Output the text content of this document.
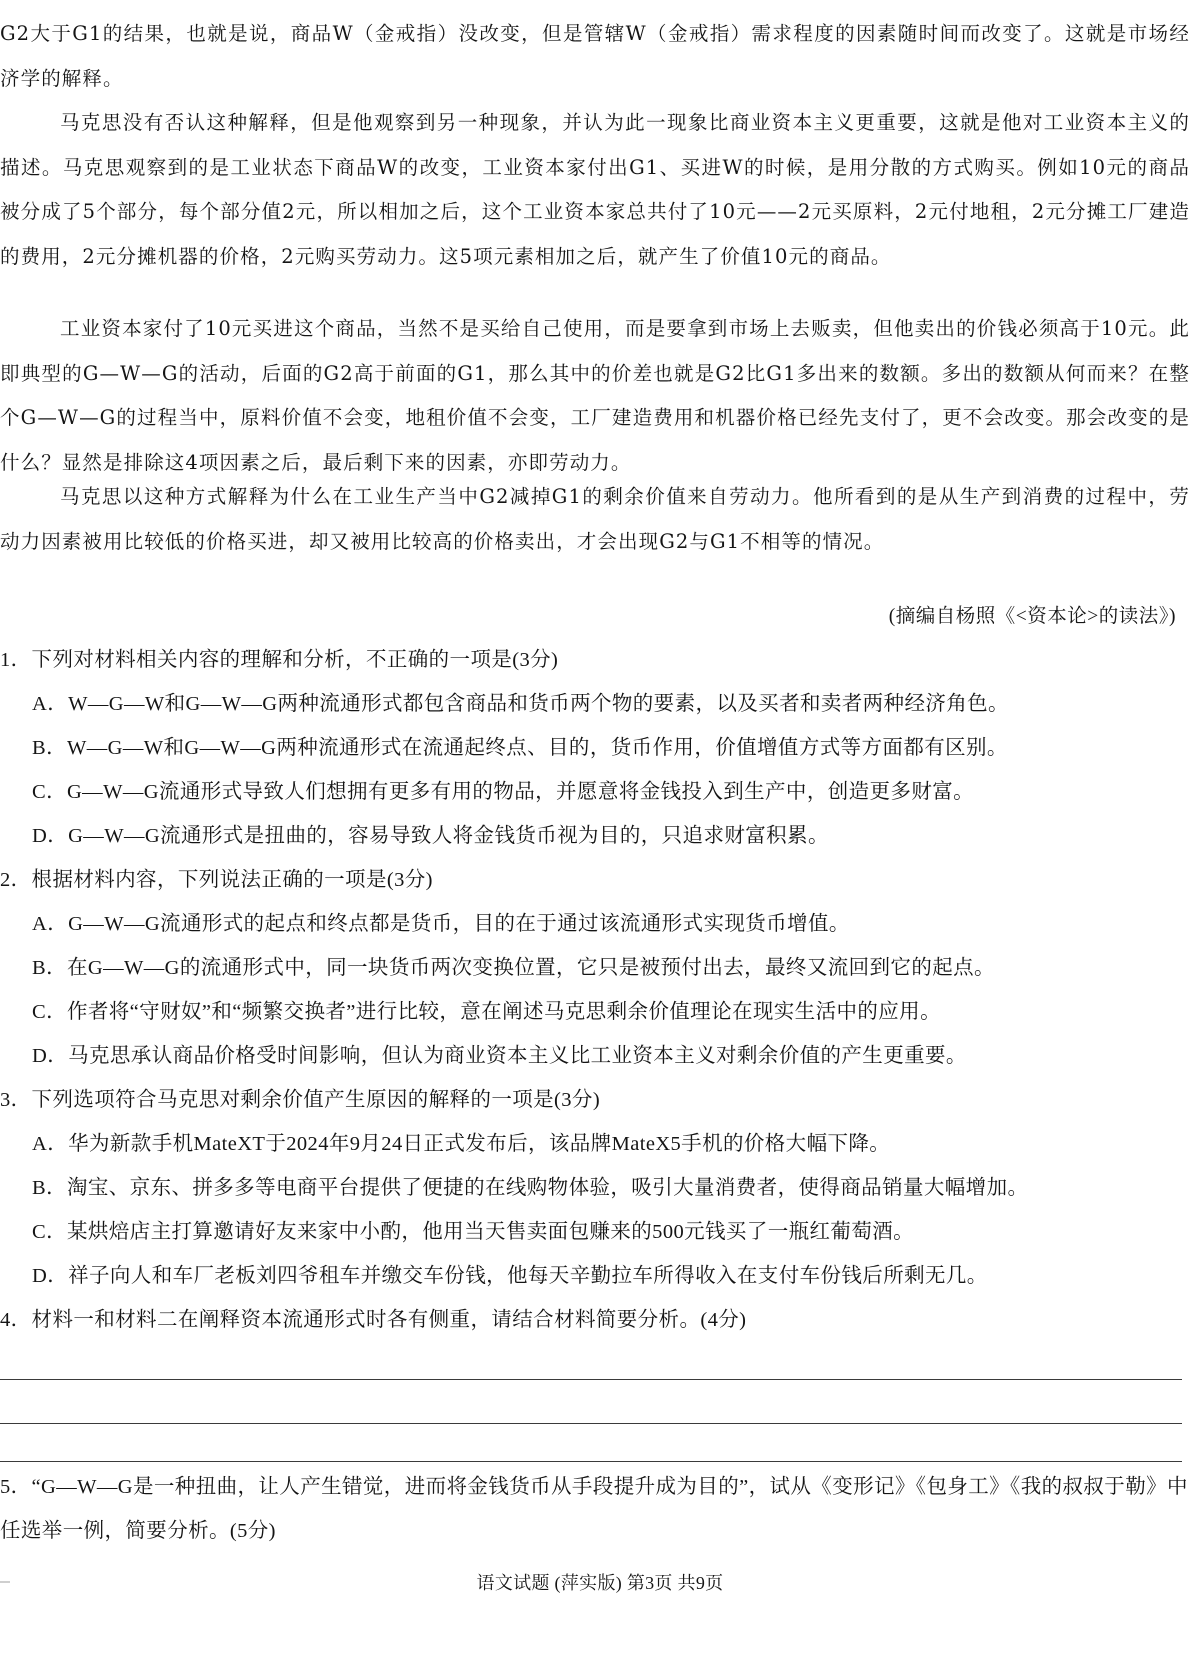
G2大于G1的结果，也就是说，商品W（金戒指）没改变，但是管辖W（金戒指）需求程度的因素随时间而改变了。这就是市场经济学的解释。

马克思没有否认这种解释，但是他观察到另一种现象，并认为此一现象比商业资本主义更重要，这就是他对工业资本主义的描述。马克思观察到的是工业状态下商品W的改变，工业资本家付出G1、买进W的时候，是用分散的方式购买。例如10元的商品被分成了5个部分，每个部分值2元，所以相加之后，这个工业资本家总共付了10元——2元买原料，2元付地租，2元分摊工厂建造的费用，2元分摊机器的价格，2元购买劳动力。这5项元素相加之后，就产生了价值10元的商品。

工业资本家付了10元买进这个商品，当然不是买给自己使用，而是要拿到市场上去贩卖，但他卖出的价钱必须高于10元。此即典型的G—W—G的活动，后面的G2高于前面的G1，那么其中的价差也就是G2比G1多出来的数额。多出的数额从何而来？在整个G—W—G的过程当中，原料价值不会变，地租价值不会变，工厂建造费用和机器价格已经先支付了，更不会改变。那会改变的是什么？显然是排除这4项因素之后，最后剩下来的因素，亦即劳动力。

马克思以这种方式解释为什么在工业生产当中G2减掉G1的剩余价值来自劳动力。他所看到的是从生产到消费的过程中，劳动力因素被用比较低的价格买进，却又被用比较高的价格卖出，才会出现G2与G1不相等的情况。

(摘编自杨照《<资本论>的读法》)
1．下列对材料相关内容的理解和分析，不正确的一项是(3分)
A．W—G—W和G—W—G两种流通形式都包含商品和货币两个物的要素，以及买者和卖者两种经济角色。
B．W—G—W和G—W—G两种流通形式在流通起终点、目的，货币作用，价值增值方式等方面都有区别。
C．G—W—G流通形式导致人们想拥有更多有用的物品，并愿意将金钱投入到生产中，创造更多财富。
D．G—W—G流通形式是扭曲的，容易导致人将金钱货币视为目的，只追求财富积累。
2．根据材料内容，下列说法正确的一项是(3分)
A．G—W—G流通形式的起点和终点都是货币，目的在于通过该流通形式实现货币增值。
B．在G—W—G的流通形式中，同一块货币两次变换位置，它只是被预付出去，最终又流回到它的起点。
C．作者将“守财奴”和“频繁交换者”进行比较，意在阐述马克思剩余价值理论在现实生活中的应用。
D．马克思承认商品价格受时间影响，但认为商业资本主义比工业资本主义对剩余价值的产生更重要。
3．下列选项符合马克思对剩余价值产生原因的解释的一项是(3分)
A．华为新款手机MateXT于2024年9月24日正式发布后，该品牌MateX5手机的价格大幅下降。
B．淘宝、京东、拼多多等电商平台提供了便捷的在线购物体验，吸引大量消费者，使得商品销量大幅增加。
C．某烘焙店主打算邀请好友来家中小酌，他用当天售卖面包赚来的500元钱买了一瓶红葡萄酒。
D．祥子向人和车厂老板刘四爷租车并缴交车份钱，他每天辛勤拉车所得收入在支付车份钱后所剩无几。
4．材料一和材料二在阐释资本流通形式时各有侧重，请结合材料简要分析。(4分)

5．“G—W—G是一种扭曲，让人产生错觉，进而将金钱货币从手段提升成为目的”，试从《变形记》《包身工》《我的叔叔于勒》中任选举一例，简要分析。(5分)

语文试题 (萍实版) 第3页 共9页
